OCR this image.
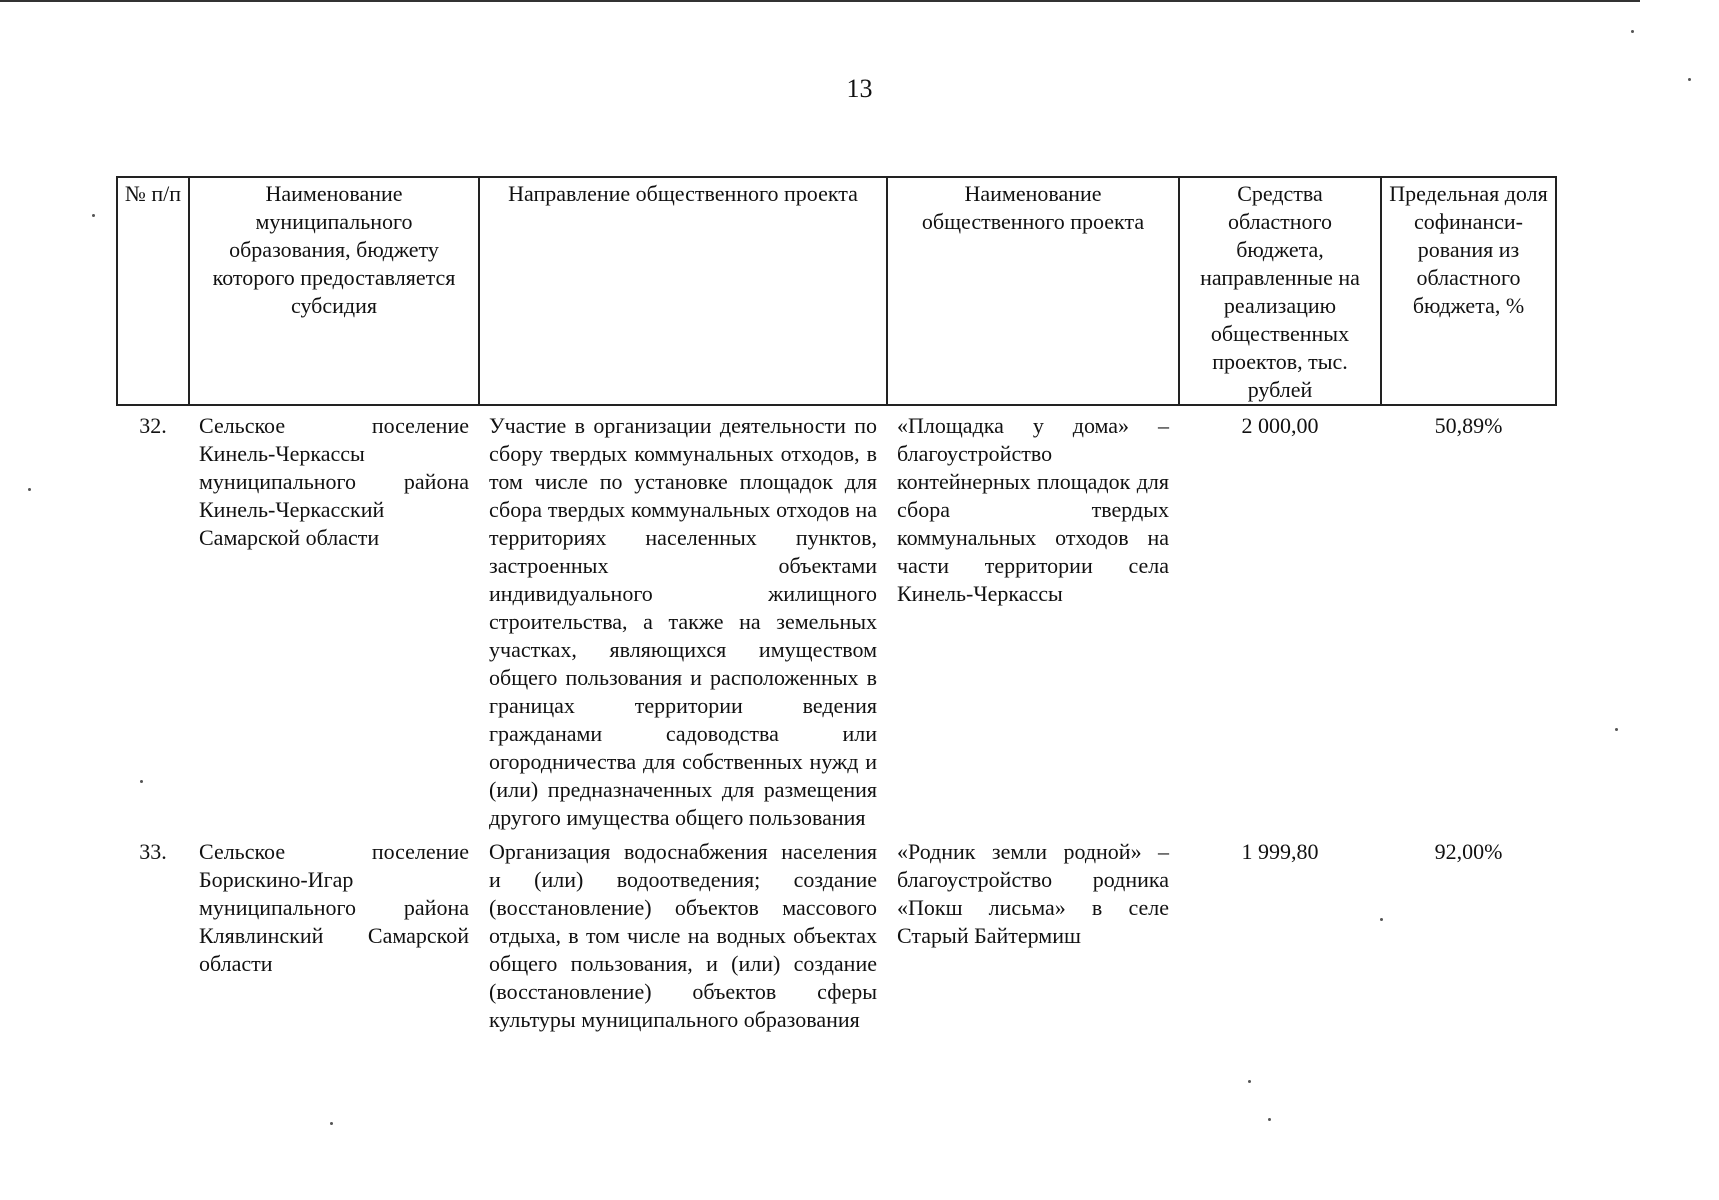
13
№ п/п	Наименование муниципального образования, бюджету которого предоставляется субсидия	Направление общественного проекта	Наименование общественного проекта	Средства областного бюджета, направленные на реализацию общественных проектов, тыс. рублей	Предельная доля софинанси-рования из областного бюджета, %
32.	Сельское поселение Кинель-Черкассы муниципального района Кинель-Черкасский Самарской области	Участие в организации деятельности по сбору твердых коммунальных отходов, в том числе по установке площадок для сбора твердых коммунальных отходов на территориях населенных пунктов, застроенных объектами индивидуального жилищного строительства, а также на земельных участках, являющихся имуществом общего пользования и расположенных в границах территории ведения гражданами садоводства или огородничества для собственных нужд и (или) предназначенных для размещения другого имущества общего пользования	«Площадка у дома» – благоустройство контейнерных площадок для сбора твердых коммунальных отходов на части территории села Кинель-Черкассы	2 000,00	50,89%
33.	Сельское поселение Борискино-Игар муниципального района Клявлинский Самарской области	Организация водоснабжения населения и (или) водоотведения; создание (восстановление) объектов массового отдыха, в том числе на водных объектах общего пользования, и (или) создание (восстановление) объектов сферы культуры муниципального образования	«Родник земли родной» – благоустройство родника «Покш лисьма» в селе Старый Байтермиш	1 999,80	92,00%
